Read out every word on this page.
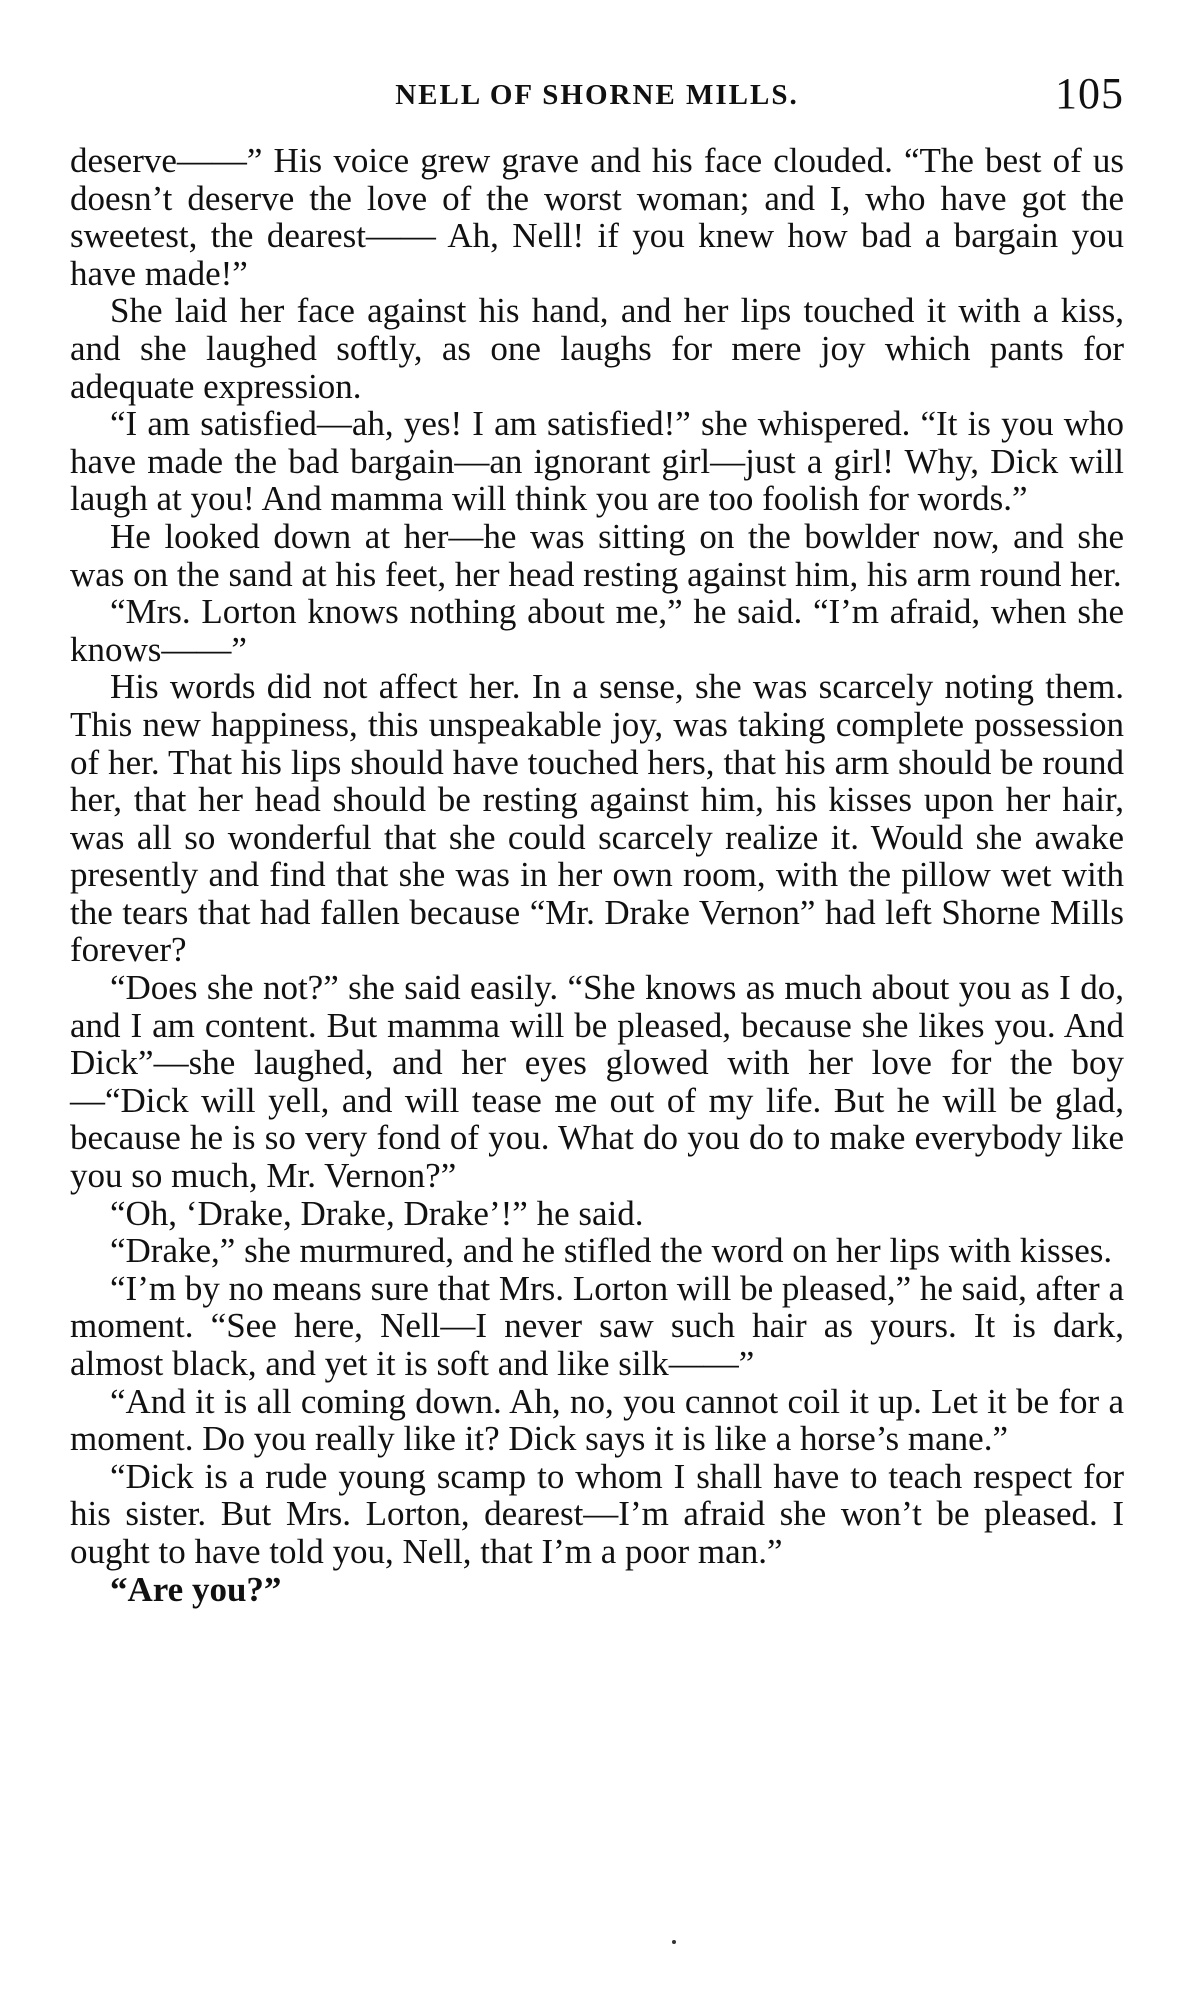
NELL OF SHORNE MILLS.	105

deserve——” His voice grew grave and his face clouded. “The best of us doesn’t deserve the love of the worst woman; and I, who have got the sweetest, the dearest—— Ah, Nell! if you knew how bad a bargain you have made!”

She laid her face against his hand, and her lips touched it with a kiss, and she laughed softly, as one laughs for mere joy which pants for adequate expression.

“I am satisfied—ah, yes! I am satisfied!” she whispered. “It is you who have made the bad bargain—an ignorant girl—just a girl! Why, Dick will laugh at you! And mamma will think you are too foolish for words.”

He looked down at her—he was sitting on the bowlder now, and she was on the sand at his feet, her head resting against him, his arm round her.

“Mrs. Lorton knows nothing about me,” he said. “I’m afraid, when she knows——”

His words did not affect her. In a sense, she was scarcely noting them. This new happiness, this unspeakable joy, was taking complete possession of her. That his lips should have touched hers, that his arm should be round her, that her head should be resting against him, his kisses upon her hair, was all so wonderful that she could scarcely realize it. Would she awake presently and find that she was in her own room, with the pillow wet with the tears that had fallen because “Mr. Drake Vernon” had left Shorne Mills forever?

“Does she not?” she said easily. “She knows as much about you as I do, and I am content. But mamma will be pleased, because she likes you. And Dick”—she laughed, and her eyes glowed with her love for the boy—“Dick will yell, and will tease me out of my life. But he will be glad, because he is so very fond of you. What do you do to make everybody like you so much, Mr. Vernon?”

“Oh, ‘Drake, Drake, Drake’!” he said.

“Drake,” she murmured, and he stifled the word on her lips with kisses.

“I’m by no means sure that Mrs. Lorton will be pleased,” he said, after a moment. “See here, Nell—I never saw such hair as yours. It is dark, almost black, and yet it is soft and like silk——”

“And it is all coming down. Ah, no, you cannot coil it up. Let it be for a moment. Do you really like it? Dick says it is like a horse’s mane.”

“Dick is a rude young scamp to whom I shall have to teach respect for his sister. But Mrs. Lorton, dearest—I’m afraid she won’t be pleased. I ought to have told you, Nell, that I’m a poor man.”

“Are you?”
